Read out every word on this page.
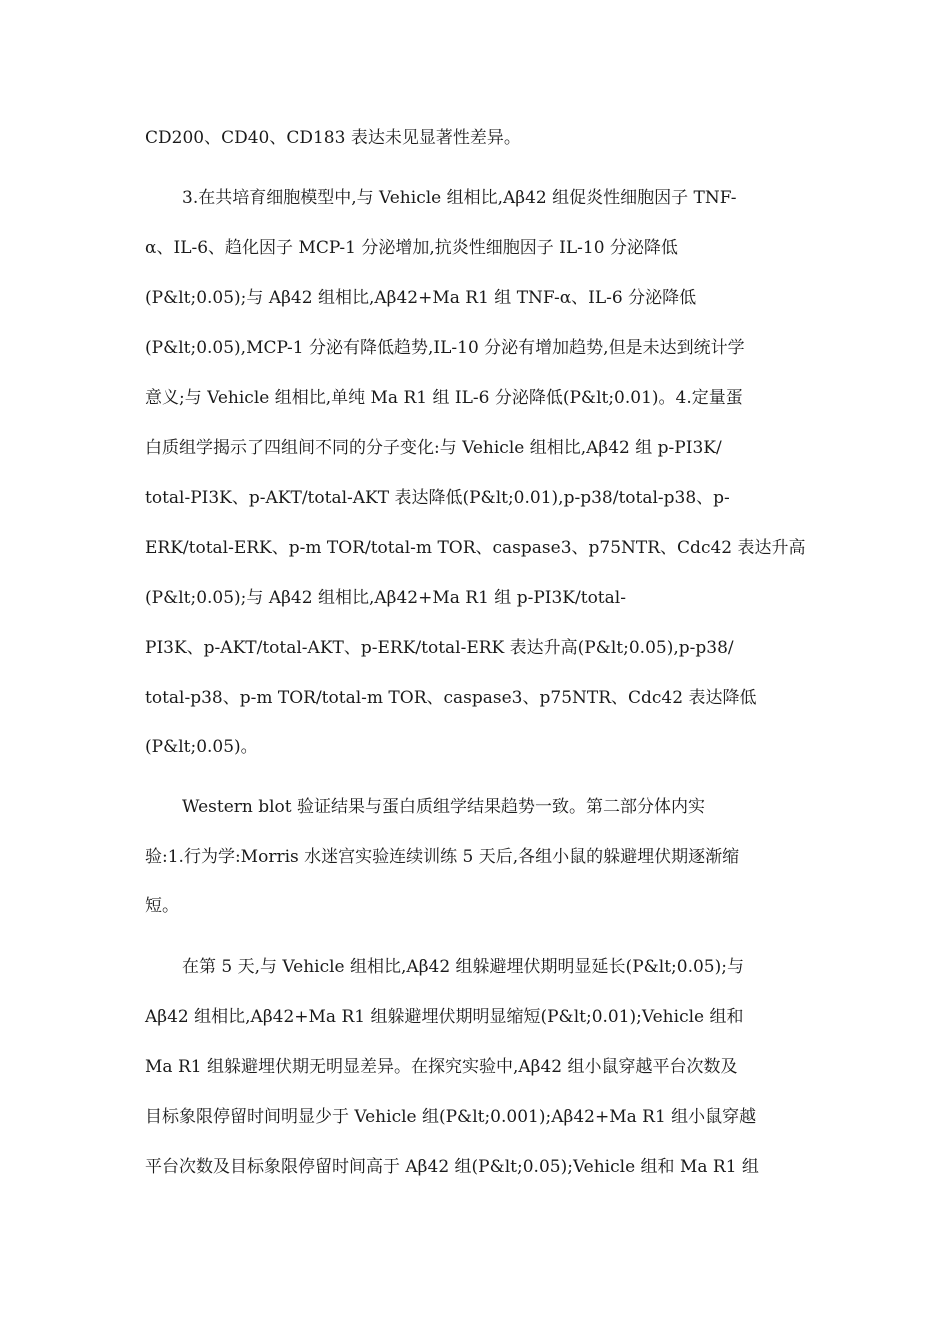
CD200、CD40、CD183 表达未见显著性差异。
3.在共培育细胞模型中,与 Vehicle 组相比,Aβ42 组促炎性细胞因子 TNF-
α、IL-6、趋化因子 MCP-1 分泌增加,抗炎性细胞因子 IL-10 分泌降低
(P&lt;0.05);与 Aβ42 组相比,Aβ42+Ma R1 组 TNF-α、IL-6 分泌降低
(P&lt;0.05),MCP-1 分泌有降低趋势,IL-10 分泌有增加趋势,但是未达到统计学
意义;与 Vehicle 组相比,单纯 Ma R1 组 IL-6 分泌降低(P&lt;0.01)。4.定量蛋
白质组学揭示了四组间不同的分子变化:与 Vehicle 组相比,Aβ42 组 p-PI3K/
total-PI3K、p-AKT/total-AKT 表达降低(P&lt;0.01),p-p38/total-p38、p-
ERK/total-ERK、p-m TOR/total-m TOR、caspase3、p75NTR、Cdc42 表达升高
(P&lt;0.05);与 Aβ42 组相比,Aβ42+Ma R1 组 p-PI3K/total-
PI3K、p-AKT/total-AKT、p-ERK/total-ERK 表达升高(P&lt;0.05),p-p38/
total-p38、p-m TOR/total-m TOR、caspase3、p75NTR、Cdc42 表达降低
(P&lt;0.05)。
Western blot 验证结果与蛋白质组学结果趋势一致。第二部分体内实
验:1.行为学:Morris 水迷宫实验连续训练 5 天后,各组小鼠的躲避埋伏期逐渐缩
短。
在第 5 天,与 Vehicle 组相比,Aβ42 组躲避埋伏期明显延长(P&lt;0.05);与
Aβ42 组相比,Aβ42+Ma R1 组躲避埋伏期明显缩短(P&lt;0.01);Vehicle 组和
Ma R1 组躲避埋伏期无明显差异。在探究实验中,Aβ42 组小鼠穿越平台次数及
目标象限停留时间明显少于 Vehicle 组(P&lt;0.001);Aβ42+Ma R1 组小鼠穿越
平台次数及目标象限停留时间高于 Aβ42 组(P&lt;0.05);Vehicle 组和 Ma R1 组
